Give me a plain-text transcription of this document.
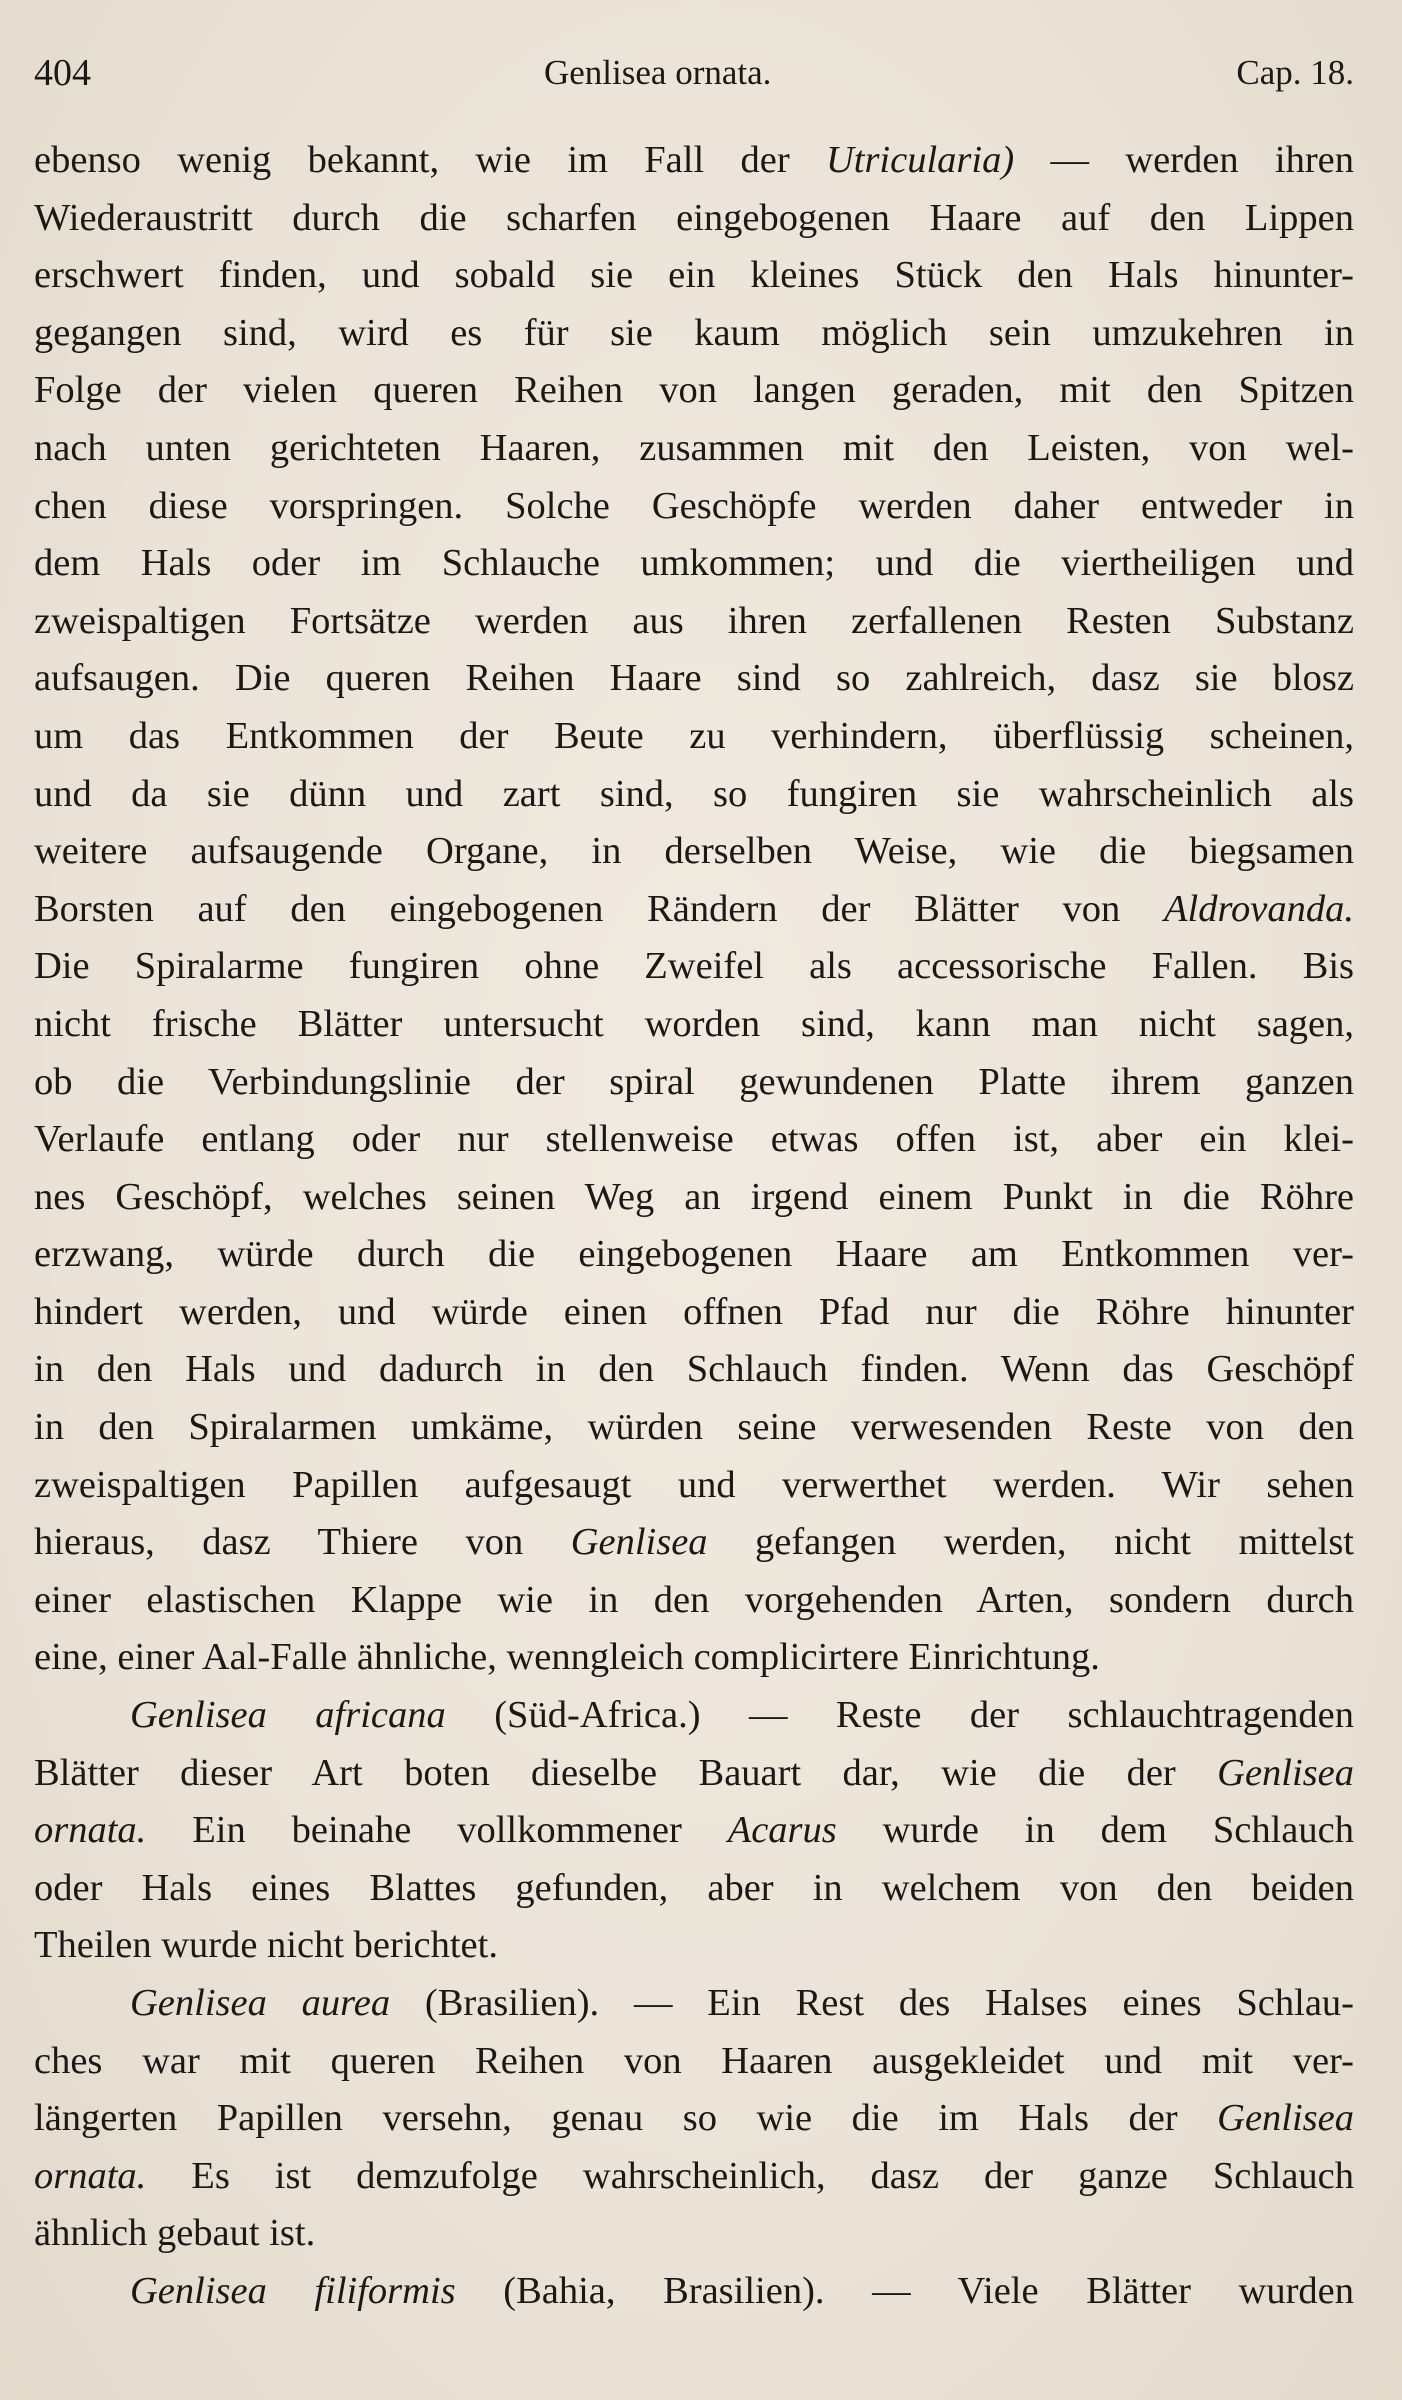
404	Genlisea ornata.	Cap. 18.
ebenso wenig bekannt, wie im Fall der Utricularia) — werden ihren
Wiederaustritt durch die scharfen eingebogenen Haare auf den Lippen
erschwert finden, und sobald sie ein kleines Stück den Hals hinunter-
gegangen sind, wird es für sie kaum möglich sein umzukehren in
Folge der vielen queren Reihen von langen geraden, mit den Spitzen
nach unten gerichteten Haaren, zusammen mit den Leisten, von wel-
chen diese vorspringen. Solche Geschöpfe werden daher entweder in
dem Hals oder im Schlauche umkommen; und die viertheiligen und
zweispaltigen Fortsätze werden aus ihren zerfallenen Resten Substanz
aufsaugen. Die queren Reihen Haare sind so zahlreich, dasz sie blosz
um das Entkommen der Beute zu verhindern, überflüssig scheinen,
und da sie dünn und zart sind, so fungiren sie wahrscheinlich als
weitere aufsaugende Organe, in derselben Weise, wie die biegsamen
Borsten auf den eingebogenen Rändern der Blätter von Aldrovanda.
Die Spiralarme fungiren ohne Zweifel als accessorische Fallen. Bis
nicht frische Blätter untersucht worden sind, kann man nicht sagen,
ob die Verbindungslinie der spiral gewundenen Platte ihrem ganzen
Verlaufe entlang oder nur stellenweise etwas offen ist, aber ein klei-
nes Geschöpf, welches seinen Weg an irgend einem Punkt in die Röhre
erzwang, würde durch die eingebogenen Haare am Entkommen ver-
hindert werden, und würde einen offnen Pfad nur die Röhre hinunter
in den Hals und dadurch in den Schlauch finden. Wenn das Geschöpf
in den Spiralarmen umkäme, würden seine verwesenden Reste von den
zweispaltigen Papillen aufgesaugt und verwerthet werden. Wir sehen
hieraus, dasz Thiere von Genlisea gefangen werden, nicht mittelst
einer elastischen Klappe wie in den vorgehenden Arten, sondern durch
eine, einer Aal-Falle ähnliche, wenngleich complicirtere Einrichtung.
Genlisea africana (Süd-Africa.) — Reste der schlauchtragenden
Blätter dieser Art boten dieselbe Bauart dar, wie die der Genlisea
ornata. Ein beinahe vollkommener Acarus wurde in dem Schlauch
oder Hals eines Blattes gefunden, aber in welchem von den beiden
Theilen wurde nicht berichtet.
Genlisea aurea (Brasilien). — Ein Rest des Halses eines Schlau-
ches war mit queren Reihen von Haaren ausgekleidet und mit ver-
längerten Papillen versehn, genau so wie die im Hals der Genlisea
ornata. Es ist demzufolge wahrscheinlich, dasz der ganze Schlauch
ähnlich gebaut ist.
Genlisea filiformis (Bahia, Brasilien). — Viele Blätter wurden
